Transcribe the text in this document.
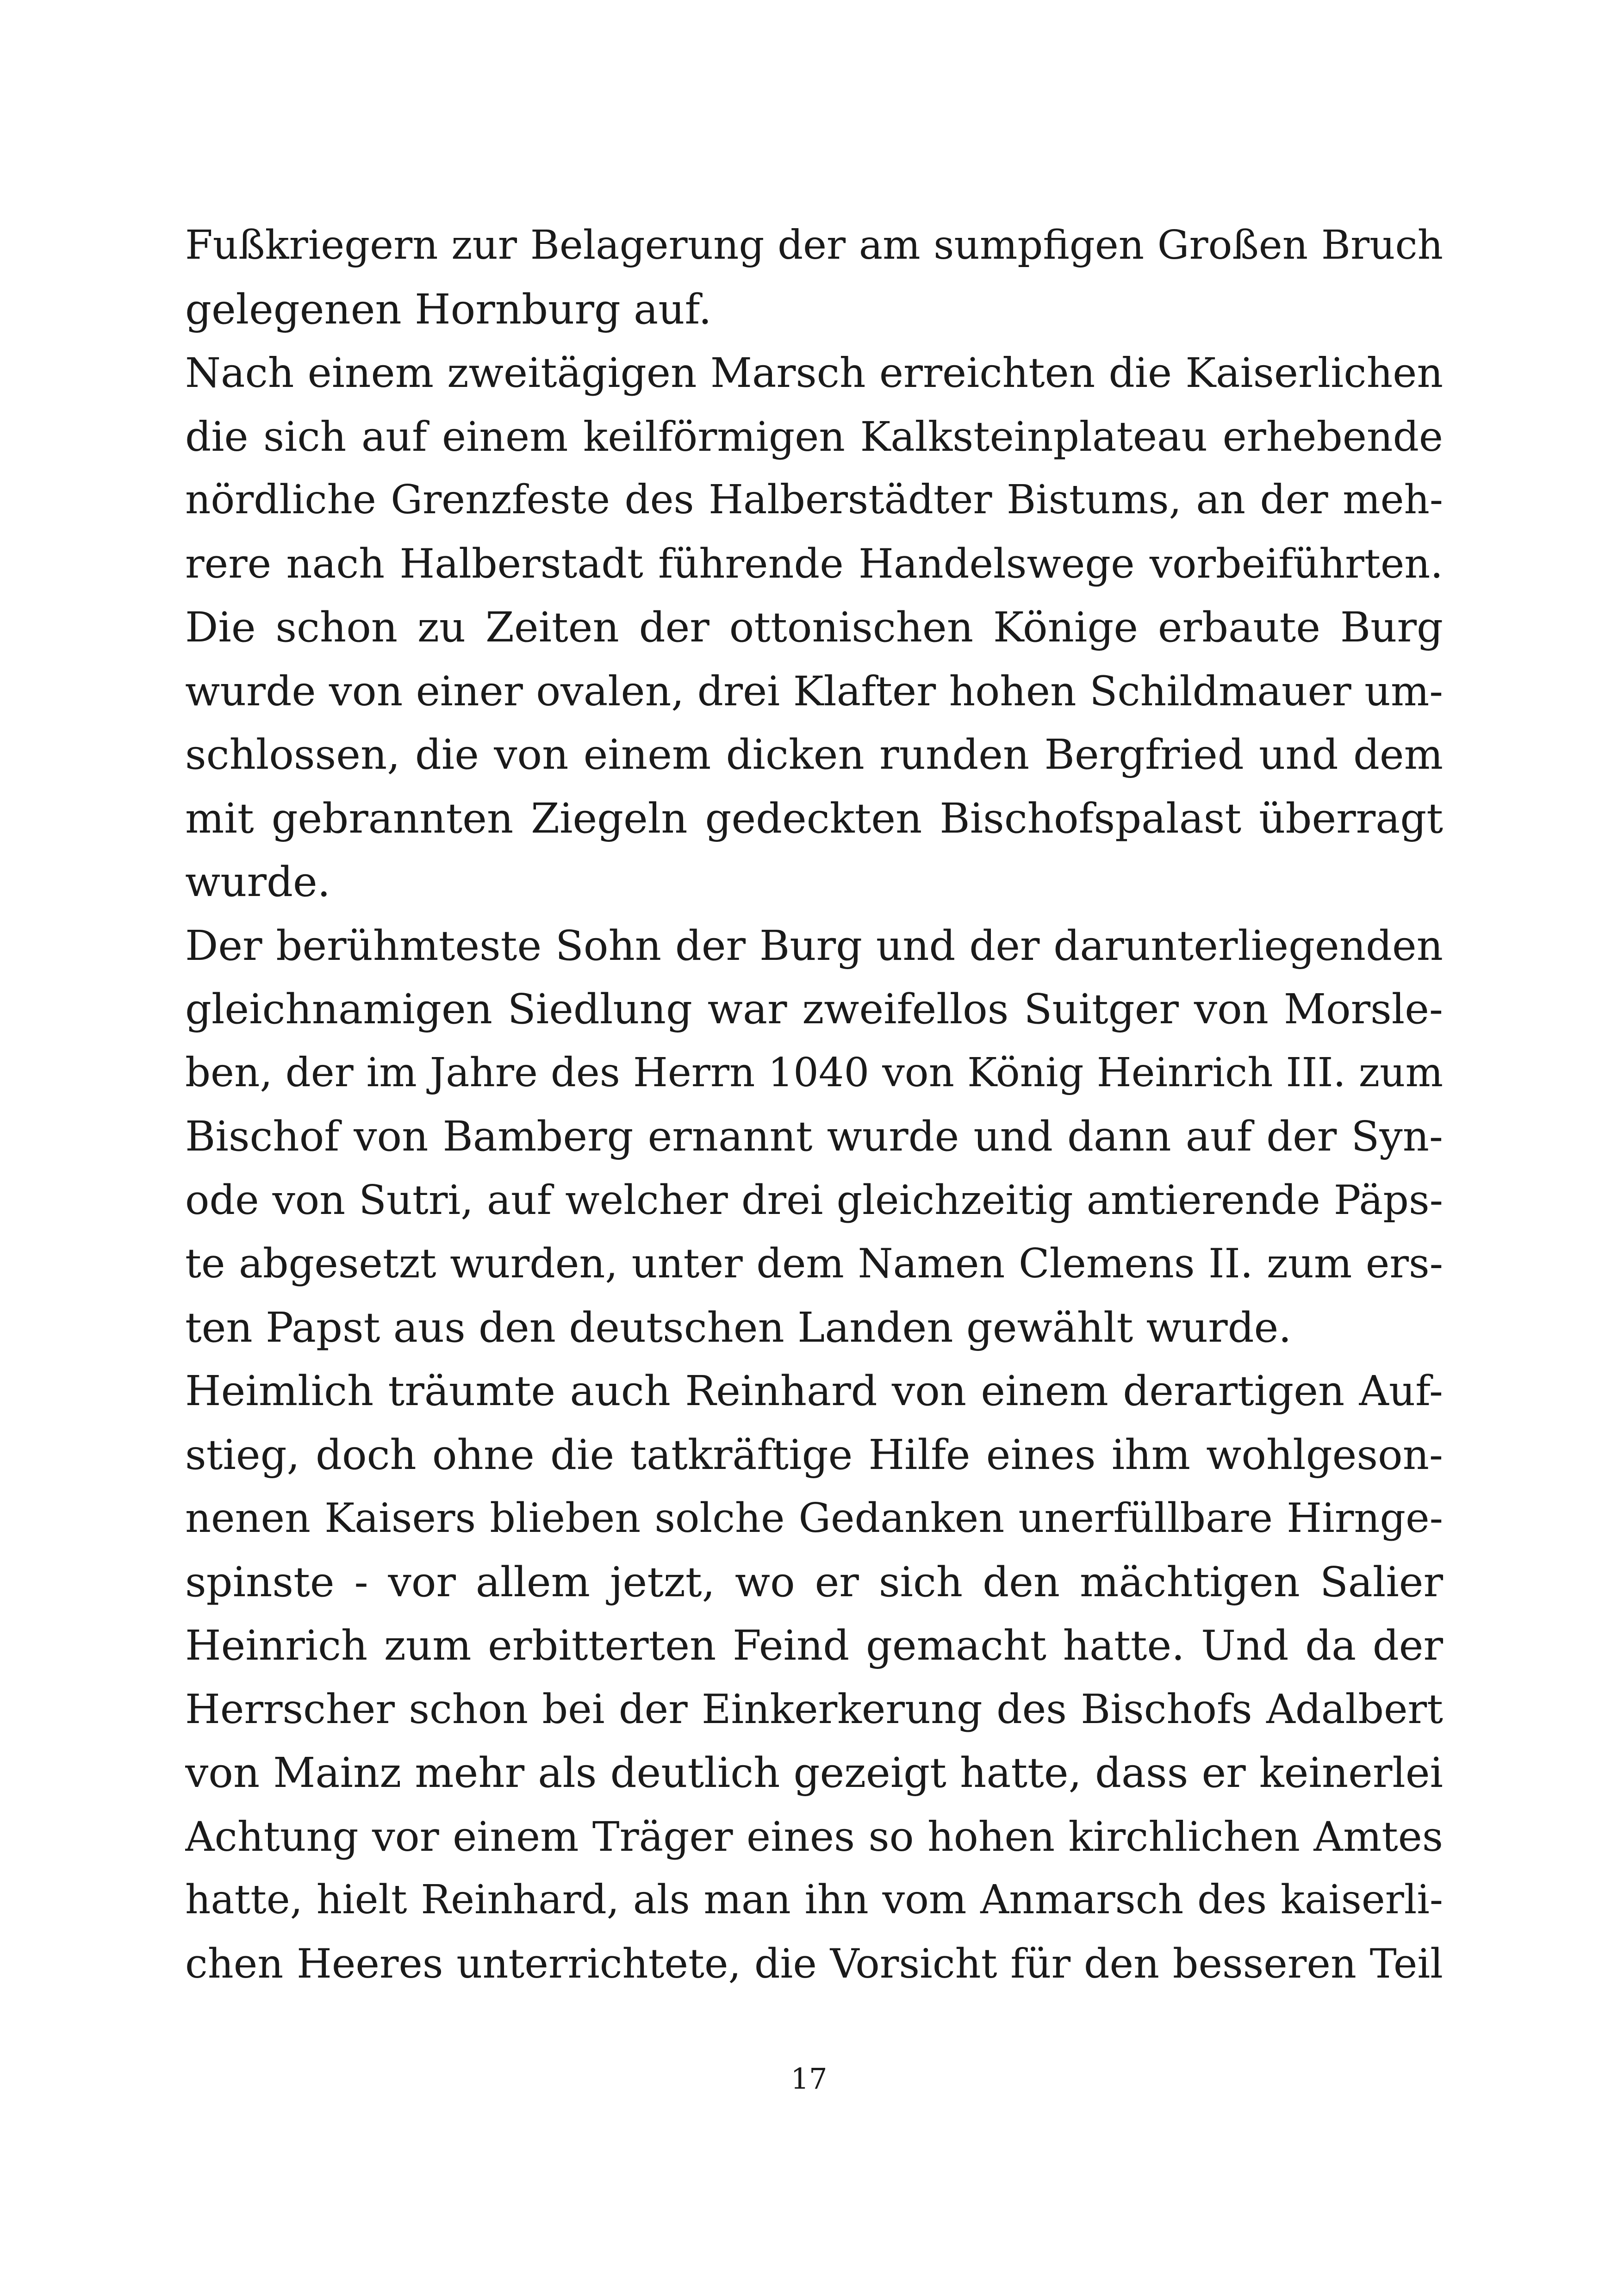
Fußkriegern zur Belagerung der am sumpfigen Großen Bruch
gelegenen Hornburg auf.
Nach einem zweitägigen Marsch erreichten die Kaiserlichen
die sich auf einem keilförmigen Kalksteinplateau erhebende
nördliche Grenzfeste des Halberstädter Bistums, an der meh-
rere nach Halberstadt führende Handelswege vorbeiführten.
Die schon zu Zeiten der ottonischen Könige erbaute Burg
wurde von einer ovalen, drei Klafter hohen Schildmauer um-
schlossen, die von einem dicken runden Bergfried und dem
mit gebrannten Ziegeln gedeckten Bischofspalast überragt
wurde.
Der berühmteste Sohn der Burg und der darunterliegenden
gleichnamigen Siedlung war zweifellos Suitger von Morsle-
ben, der im Jahre des Herrn 1040 von König Heinrich III. zum
Bischof von Bamberg ernannt wurde und dann auf der Syn-
ode von Sutri, auf welcher drei gleichzeitig amtierende Päps-
te abgesetzt wurden, unter dem Namen Clemens II. zum ers-
ten Papst aus den deutschen Landen gewählt wurde.
Heimlich träumte auch Reinhard von einem derartigen Auf-
stieg, doch ohne die tatkräftige Hilfe eines ihm wohlgeson-
nenen Kaisers blieben solche Gedanken unerfüllbare Hirnge-
spinste - vor allem jetzt, wo er sich den mächtigen Salier
Heinrich zum erbitterten Feind gemacht hatte. Und da der
Herrscher schon bei der Einkerkerung des Bischofs Adalbert
von Mainz mehr als deutlich gezeigt hatte, dass er keinerlei
Achtung vor einem Träger eines so hohen kirchlichen Amtes
hatte, hielt Reinhard, als man ihn vom Anmarsch des kaiserli-
chen Heeres unterrichtete, die Vorsicht für den besseren Teil
17
